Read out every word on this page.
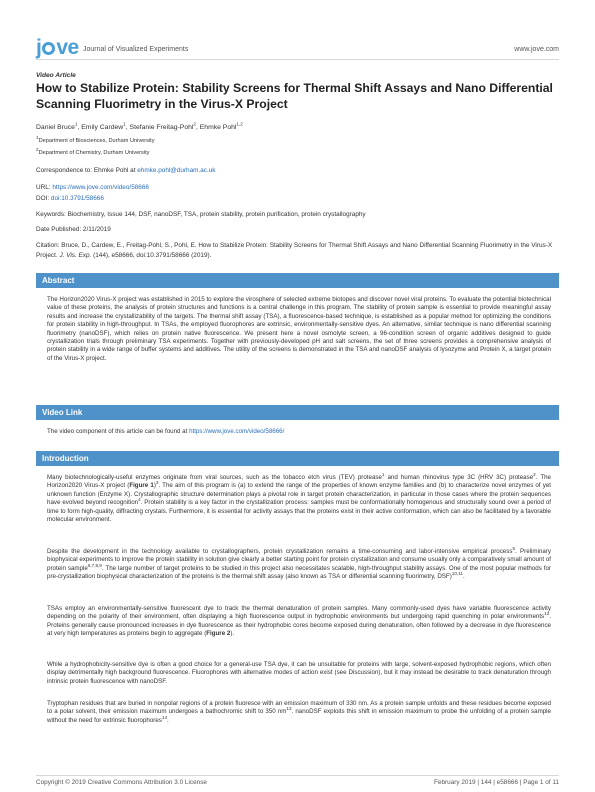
j ve Journal of Visualized Experiments	www.jove.com
Video Article
How to Stabilize Protein: Stability Screens for Thermal Shift Assays and Nano Differential Scanning Fluorimetry in the Virus-X Project
Daniel Bruce$^1$, Emily Cardew$^1$, Stefanie Freitag-Pohl$^2$, Ehmke Pohl$^{1,2}$
$^1$Department of Biosciences, Durham University
$^2$Department of Chemistry, Durham University
Correspondence to: Ehmke Pohl at ehmke.pohl@durham.ac.uk
URL: https://www.jove.com/video/58666
DOI: doi:10.3791/58666
Keywords: Biochemistry, Issue 144, DSF, nanoDSF, TSA, protein stability, protein purification, protein crystallography
Date Published: 2/11/2019
Citation: Bruce, D., Cardew, E., Freitag-Pohl, S., Pohl, E. How to Stabilize Protein: Stability Screens for Thermal Shift Assays and Nano Differential Scanning Fluorimetry in the Virus-X Project. J. Vis. Exp. (144), e58666, doi:10.3791/58666 (2019).
Abstract
The Horizon2020 Virus-X project was established in 2015 to explore the virosphere of selected extreme biotopes and discover novel viral proteins. To evaluate the potential biotechnical value of these proteins, the analysis of protein structures and functions is a central challenge in this program. The stability of protein sample is essential to provide meaningful assay results and increase the crystallizability of the targets. The thermal shift assay (TSA), a fluorescence-based technique, is established as a popular method for optimizing the conditions for protein stability in high-throughput. In TSAs, the employed fluorophores are extrinsic, environmentally-sensitive dyes. An alternative, similar technique is nano differential scanning fluorimetry (nanoDSF), which relies on protein native fluorescence. We present here a novel osmolyte screen, a 96-condition screen of organic additives designed to guide crystallization trials through preliminary TSA experiments. Together with previously-developed pH and salt screens, the set of three screens provides a comprehensive analysis of protein stability in a wide range of buffer systems and additives. The utility of the screens is demonstrated in the TSA and nanoDSF analysis of lysozyme and Protein X, a target protein of the Virus-X project.
Video Link
The video component of this article can be found at https://www.jove.com/video/58666/
Introduction
Many biotechnologically-useful enzymes originate from viral sources, such as the tobacco etch virus (TEV) protease$^1$ and human rhinovirus type 3C (HRV 3C) protease$^2$. The Horizon2020 Virus-X project (Figure 1)$^3$. The aim of this program is (a) to extend the range of the properties of known enzyme families and (b) to characterize novel enzymes of yet unknown function (Enzyme X). Crystallographic structure determination plays a pivotal role in target protein characterization, in particular in those cases where the protein sequences have evolved beyond recognition$^4$. Protein stability is a key factor in the crystallization process: samples must be conformationally homogenous and structurally sound over a period of time to form high-quality, diffracting crystals. Furthermore, it is essential for activity assays that the proteins exist in their active conformation, which can also be facilitated by a favorable molecular environment.
Despite the development in the technology available to crystallographers, protein crystallization remains a time-consuming and labor-intensive empirical process$^5$. Preliminary biophysical experiments to improve the protein stability in solution give clearly a better starting point for protein crystallization and consume usually only a comparatively small amount of protein sample$^{6,7,8,9}$. The large number of target proteins to be studied in this project also necessitates scalable, high-throughput stability assays. One of the most popular methods for pre-crystallization biophysical characterization of the proteins is the thermal shift assay (also known as TSA or differential scanning fluorimetry, DSF)$^{10,11}$.
TSAs employ an environmentally-sensitive fluorescent dye to track the thermal denaturation of protein samples. Many commonly-used dyes have variable fluorescence activity depending on the polarity of their environment, often displaying a high fluorescence output in hydrophobic environments but undergoing rapid quenching in polar environments$^{12}$. Proteins generally cause pronounced increases in dye fluorescence as their hydrophobic cores become exposed during denaturation, often followed by a decrease in dye fluorescence at very high temperatures as proteins begin to aggregate (Figure 2).
While a hydrophobicity-sensitive dye is often a good choice for a general-use TSA dye, it can be unsuitable for proteins with large, solvent-exposed hydrophobic regions, which often display detrimentally high background fluorescence. Fluorophores with alternative modes of action exist (see Discussion), but it may instead be desirable to track denaturation through intrinsic protein fluorescence with nanoDSF.
Tryptophan residues that are buried in nonpolar regions of a protein fluoresce with an emission maximum of 330 nm. As a protein sample unfolds and these residues become exposed to a polar solvent, their emission maximum undergoes a bathochromic shift to 350 $nm^{13}$. nanoDSF exploits this shift in emission maximum to probe the unfolding of a protein sample without the need for extrinsic fluorophores$^{14}$.
Copyright © 2019 Creative Commons Attribution 3.0 License	February 2019 | 144 | e58666 | Page 1 of 11
